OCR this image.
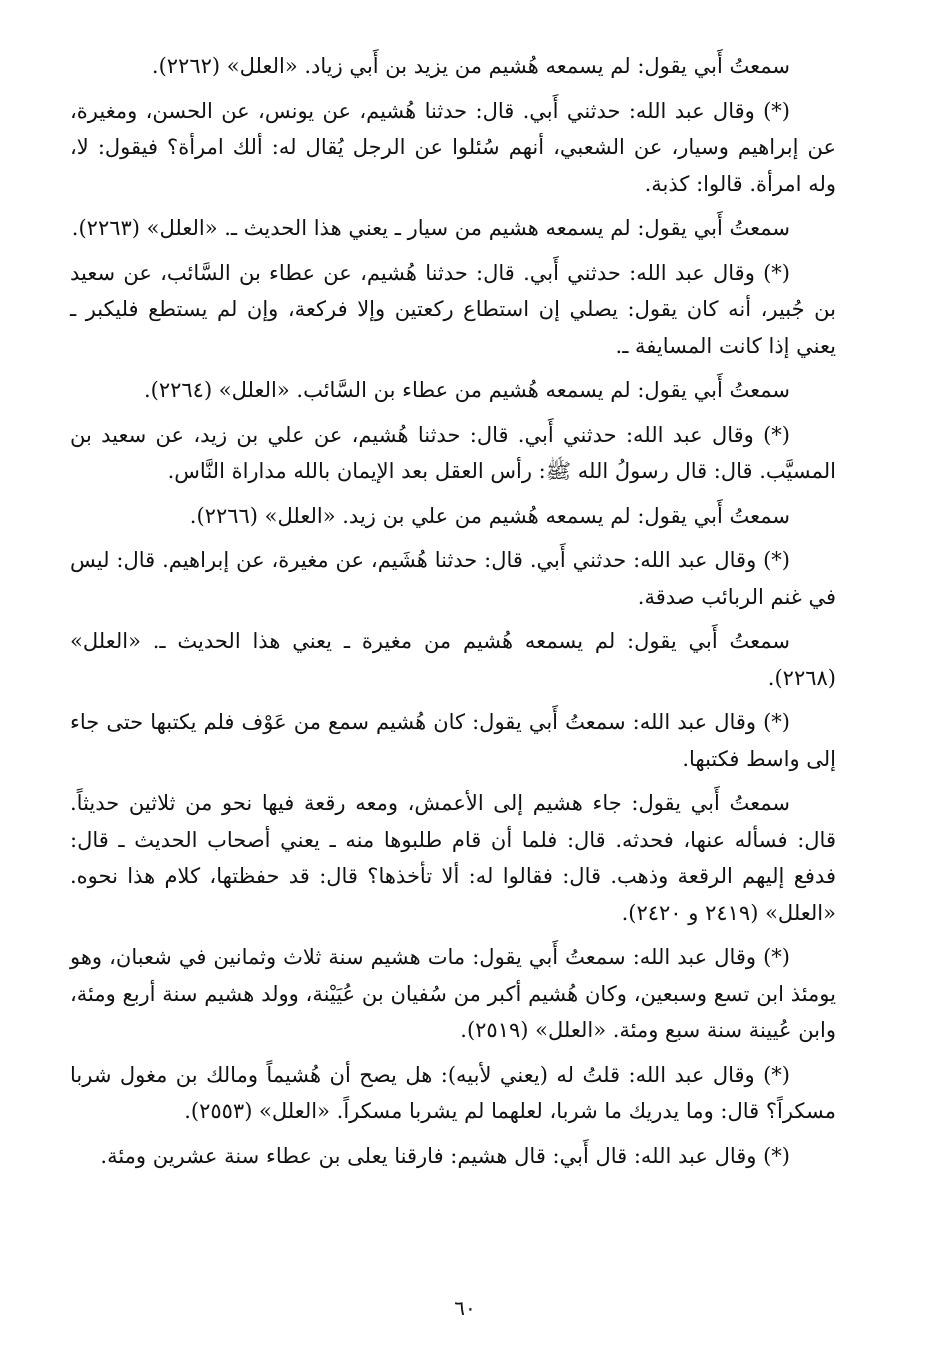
سمعتُ أَبي يقول: لم يسمعه هُشيم من يزيد بن أَبي زياد. «العلل» (٢٢٦٢).

(*) وقال عبد الله: حدثني أَبي. قال: حدثنا هُشيم، عن يونس، عن الحسن، ومغيرة، عن إبراهيم وسيار، عن الشعبي، أنهم سُئلوا عن الرجل يُقال له: ألك امرأة؟ فيقول: لا، وله امرأة. قالوا: كذبة.

سمعتُ أَبي يقول: لم يسمعه هشيم من سيار ـ يعني هذا الحديث ـ. «العلل» (٢٢٦٣).

(*) وقال عبد الله: حدثني أَبي. قال: حدثنا هُشيم، عن عطاء بن السَّائب، عن سعيد بن جُبير، أنه كان يقول: يصلي إن استطاع ركعتين وإلا فركعة، وإن لم يستطع فليكبر ـ يعني إذا كانت المسايفة ـ.

سمعتُ أَبي يقول: لم يسمعه هُشيم من عطاء بن السَّائب. «العلل» (٢٢٦٤).

(*) وقال عبد الله: حدثني أَبي. قال: حدثنا هُشيم، عن علي بن زيد، عن سعيد بن المسيَّب. قال: قال رسولُ الله ﷺ: رأس العقل بعد الإيمان بالله مداراة النَّاس.

سمعتُ أَبي يقول: لم يسمعه هُشيم من علي بن زيد. «العلل» (٢٢٦٦).

(*) وقال عبد الله: حدثني أَبي. قال: حدثنا هُشَيم، عن مغيرة، عن إبراهيم. قال: ليس في غنم الربائب صدقة.

سمعتُ أَبي يقول: لم يسمعه هُشيم من مغيرة ـ يعني هذا الحديث ـ. «العلل» (٢٢٦٨).

(*) وقال عبد الله: سمعتُ أَبي يقول: كان هُشيم سمع من عَوْف فلم يكتبها حتى جاء إلى واسط فكتبها.

سمعتُ أَبي يقول: جاء هشيم إلى الأعمش، ومعه رقعة فيها نحو من ثلاثين حديثاً. قال: فسأله عنها، فحدثه. قال: فلما أن قام طلبوها منه ـ يعني أصحاب الحديث ـ قال: فدفع إليهم الرقعة وذهب. قال: فقالوا له: ألا تأخذها؟ قال: قد حفظتها، كلام هذا نحوه. «العلل» (٢٤١٩ و ٢٤٢٠).

(*) وقال عبد الله: سمعتُ أَبي يقول: مات هشيم سنة ثلاث وثمانين في شعبان، وهو يومئذ ابن تسع وسبعين، وكان هُشيم أكبر من سُفيان بن عُيَيْنة، وولد هشيم سنة أربع ومئة، وابن عُيينة سنة سبع ومئة. «العلل» (٢٥١٩).

(*) وقال عبد الله: قلتُ له (يعني لأبيه): هل يصح أن هُشيماً ومالك بن مغول شربا مسكراً؟ قال: وما يدريك ما شربا، لعلهما لم يشربا مسكراً. «العلل» (٢٥٥٣).

(*) وقال عبد الله: قال أَبي: قال هشيم: فارقنا يعلى بن عطاء سنة عشرين ومئة.

٦٠
